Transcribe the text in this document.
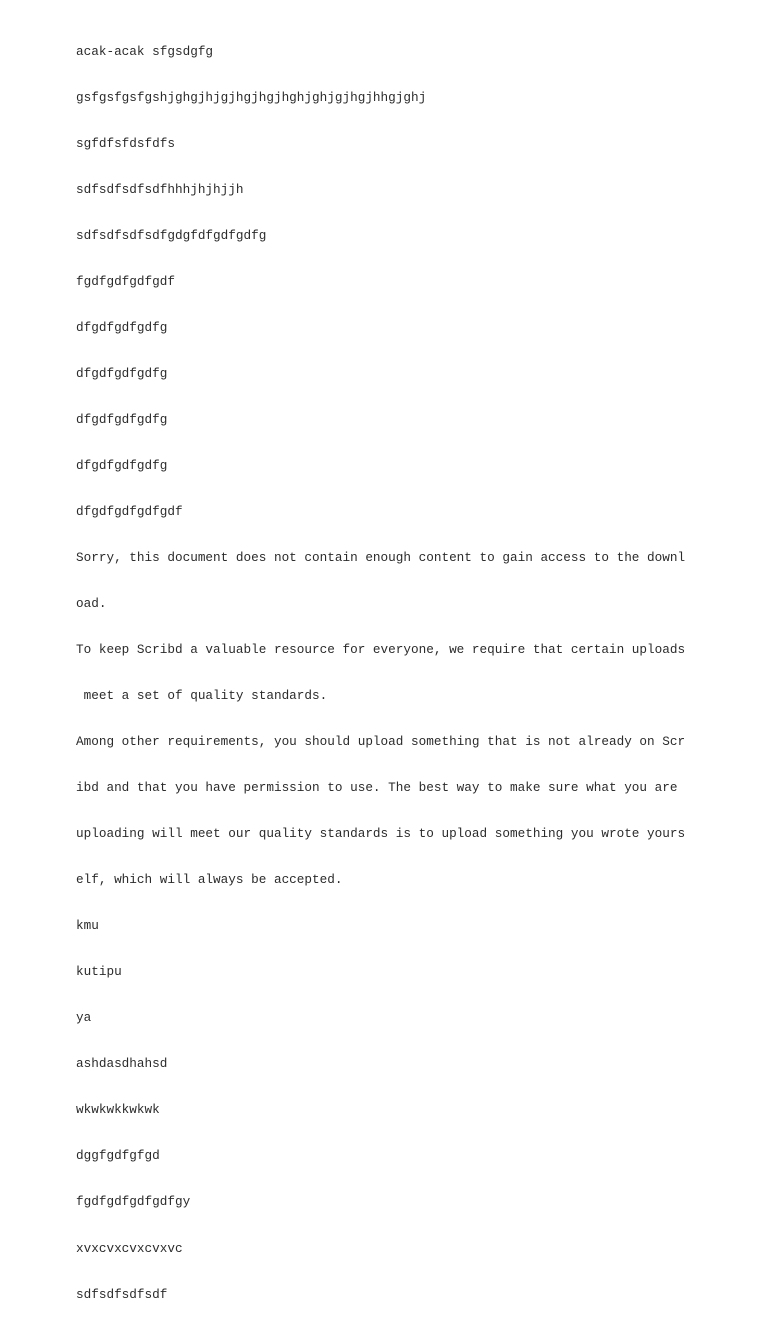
acak-acak sfgsdgfg

gsfgsfgsfgshjghgjhjgjhgjhgjhghjghjgjhgjhhgjghj

sgfdfsfdsfdfs

sdfsdfsdfsdfhhhjhjhjjh

sdfsdfsdfsdfgdgfdfgdfgdfg

fgdfgdfgdfgdf

dfgdfgdfgdfg

dfgdfgdfgdfg

dfgdfgdfgdfg

dfgdfgdfgdfg

dfgdfgdfgdfgdf

Sorry, this document does not contain enough content to gain access to the downl

oad.

To keep Scribd a valuable resource for everyone, we require that certain uploads

meet a set of quality standards.

Among other requirements, you should upload something that is not already on Scr

ibd and that you have permission to use. The best way to make sure what you are

uploading will meet our quality standards is to upload something you wrote yours

elf, which will always be accepted.

kmu

kutipu

ya

ashdasdhahsd

wkwkwkkwkwk

dggfgdfgfgd

fgdfgdfgdfgdfgy

xvxcvxcvxcvxvc

sdfsdfsdfsdf
